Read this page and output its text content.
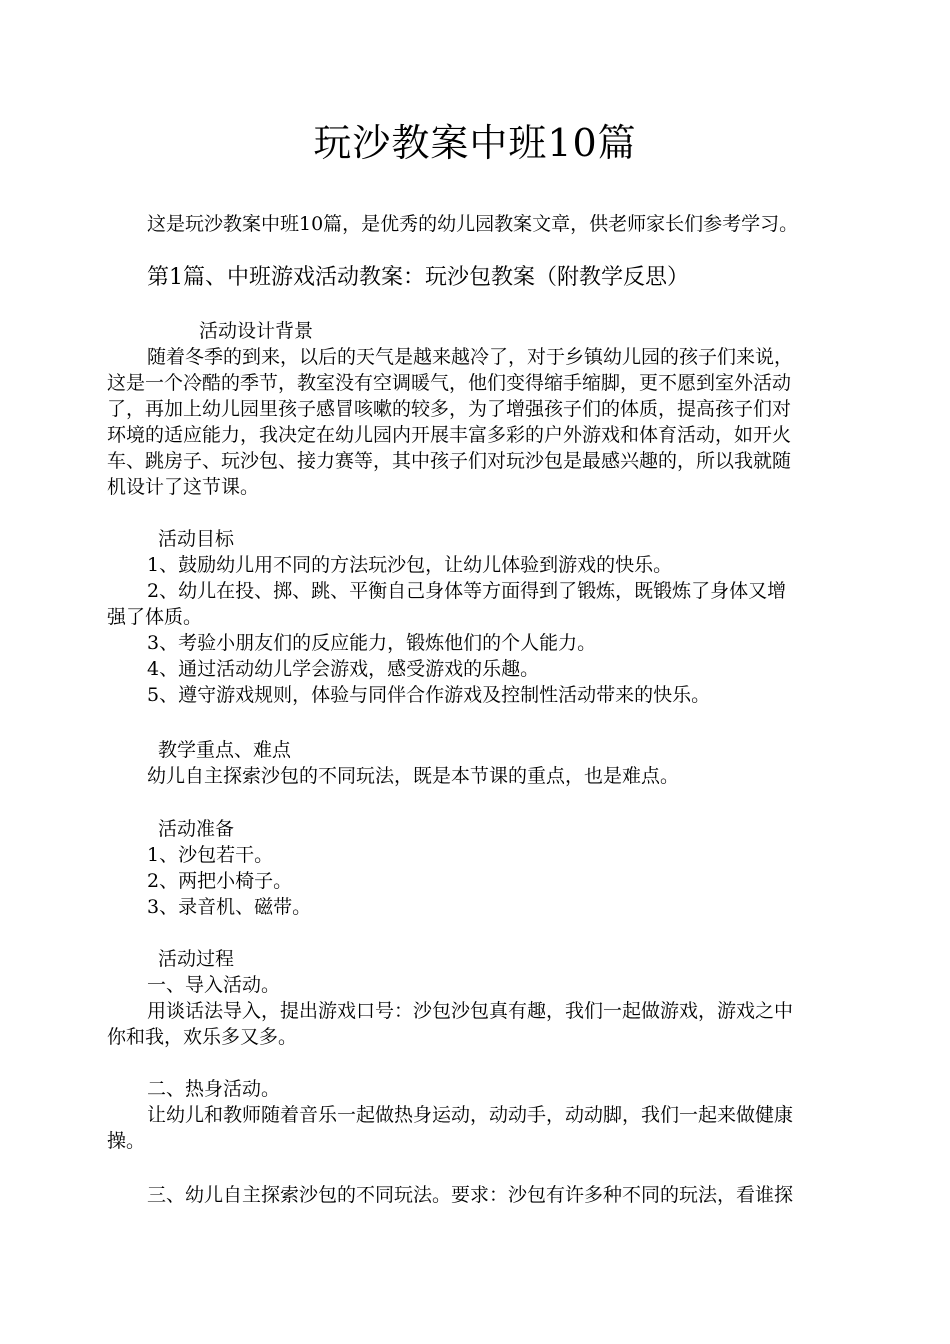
玩沙教案中班10篇
这是玩沙教案中班10篇，是优秀的幼儿园教案文章，供老师家长们参考学习。
第1篇、中班游戏活动教案：玩沙包教案（附教学反思）
活动设计背景
随着冬季的到来，以后的天气是越来越冷了，对于乡镇幼儿园的孩子们来说，
这是一个冷酷的季节，教室没有空调暖气，他们变得缩手缩脚，更不愿到室外活动
了，再加上幼儿园里孩子感冒咳嗽的较多，为了增强孩子们的体质，提高孩子们对
环境的适应能力，我决定在幼儿园内开展丰富多彩的户外游戏和体育活动，如开火
车、跳房子、玩沙包、接力赛等，其中孩子们对玩沙包是最感兴趣的，所以我就随
机设计了这节课。
活动目标
1、鼓励幼儿用不同的方法玩沙包，让幼儿体验到游戏的快乐。
2、幼儿在投、掷、跳、平衡自己身体等方面得到了锻炼，既锻炼了身体又增
强了体质。
3、考验小朋友们的反应能力，锻炼他们的个人能力。
4、通过活动幼儿学会游戏，感受游戏的乐趣。
5、遵守游戏规则，体验与同伴合作游戏及控制性活动带来的快乐。
教学重点、难点
幼儿自主探索沙包的不同玩法，既是本节课的重点，也是难点。
活动准备
1、沙包若干。
2、两把小椅子。
3、录音机、磁带。
活动过程
一、导入活动。
用谈话法导入，提出游戏口号：沙包沙包真有趣，我们一起做游戏，游戏之中
你和我，欢乐多又多。
二、热身活动。
让幼儿和教师随着音乐一起做热身运动，动动手，动动脚，我们一起来做健康
操。
三、幼儿自主探索沙包的不同玩法。要求：沙包有许多种不同的玩法，看谁探
